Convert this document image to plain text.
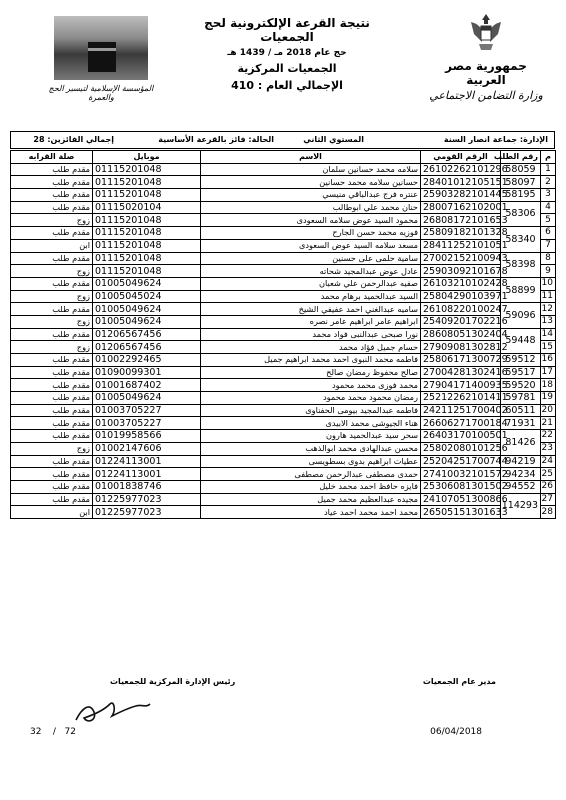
المؤسسة الإسلامية لتيسير الحج والعمرة
نتيجة القرعة الإلكترونية لحج الجمعيات
حج عام 2018 مـ / 1439 هـ
الجمعيات المركزية
الإجمالي العام : 410
جمهورية مصر العربية
وزارة التضامن الاجتماعي
الإدارة: جماعة انصار السنة
المستوي الثاني
الحالة: فائز بالقرعة الأساسية
إجمالي الفائزين: 28
م	رقم الطلب	الرقم القومي	الاسم	موبايل	صلة القرابه
1	58059	26102262101296	سلامه محمد حسانين سلمان	01115201048	مقدم طلب
2	58097	28401012105151	حسانين سلامه محمد حسانين	01115201048	مقدم طلب
3	58195	25903282101445	عنتره فرج عبدالباقي منيسي	01115201048	مقدم طلب
4	58306	28007162102001	حنان محمد علي ابوطالب	01115020104	مقدم طلب
5		26808172101653	محمود السيد عوض سلامه السعودى	01115201048	زوج
6	58340	25809182101328	فوزيه محمد حسن الجارح	01115201048	مقدم طلب
7		28411252101051	مسعد سلامه السيد عوض السعودى	01115201048	ابن
8	58398	27002152100943	سامية حلمى على حسنين	01115201048	مقدم طلب
9		25903092101678	عادل عوض عبدالمجيد شحاته	01115201048	زوج
10	58899	26103210102428	صفيه عبدالرحمن علي شعبان	01005049624	مقدم طلب
11		25804290103971	السيد عبدالحميد برهام محمد	01005045024	زوج
12	59096	26108220100247	ساميه عبدالغني احمد عفيفي الشيخ	01005049624	مقدم طلب
13		25409201702216	ابراهيم عامر ابراهيم عامر نصره	01005049624	زوج
14	59448	28608051302404	نورا صبحى عبدالنبى فواد محمد	01206567456	مقدم طلب
15		27909081302812	حسام جميل فؤاد محمد	01206567456	زوج
16	59512	25806171300729	فاطمه محمد النبوى احمد محمد ابراهيم جميل	01002292465	مقدم طلب
17	59517	27004281302416	صالح محفوظ رمضان صالح	01090099301	مقدم طلب
18	59520	27904171400935	محمد فوزى محمد محمود	01001687402	مقدم طلب
19	59781	25212262101411	رمضان محمود محمد محمود	01005049624	مقدم طلب
20	60511	24211251700402	فاطمه عبدالمجيد بيومى الحفناوى	01003705227	مقدم طلب
21	71931	26606271700184	هناء الجيوشى محمد الابيدى	01003705227	مقدم طلب
22	81426	26403170100501	سحر سيد عبدالحميد هارون	01019958566	مقدم طلب
23		25802080101256	محسن عبدالهادى محمد ابوالذهب	01002147606	زوج
24	94219	25204251700744	عطيات ابراهيم بدوى بسطويسى	01224113001	مقدم طلب
25	94234	27410032101572	حمدى مصطفى عبدالرحمن مصطفى	01224113001	مقدم طلب
26	94552	25306081301502	فايزه حافظ احمد محمد خليل	01001838746	مقدم طلب
27	114293	24107051300866	مجيده عبدالعظيم محمد جميل	01225977023	مقدم طلب
28		26505151301633	محمد احمد محمد احمد عياد	01225977023	ابن
رئيس الإدارة المركزية للجمعيات	مدير عام الجمعيات
32 / 72	06/04/2018
